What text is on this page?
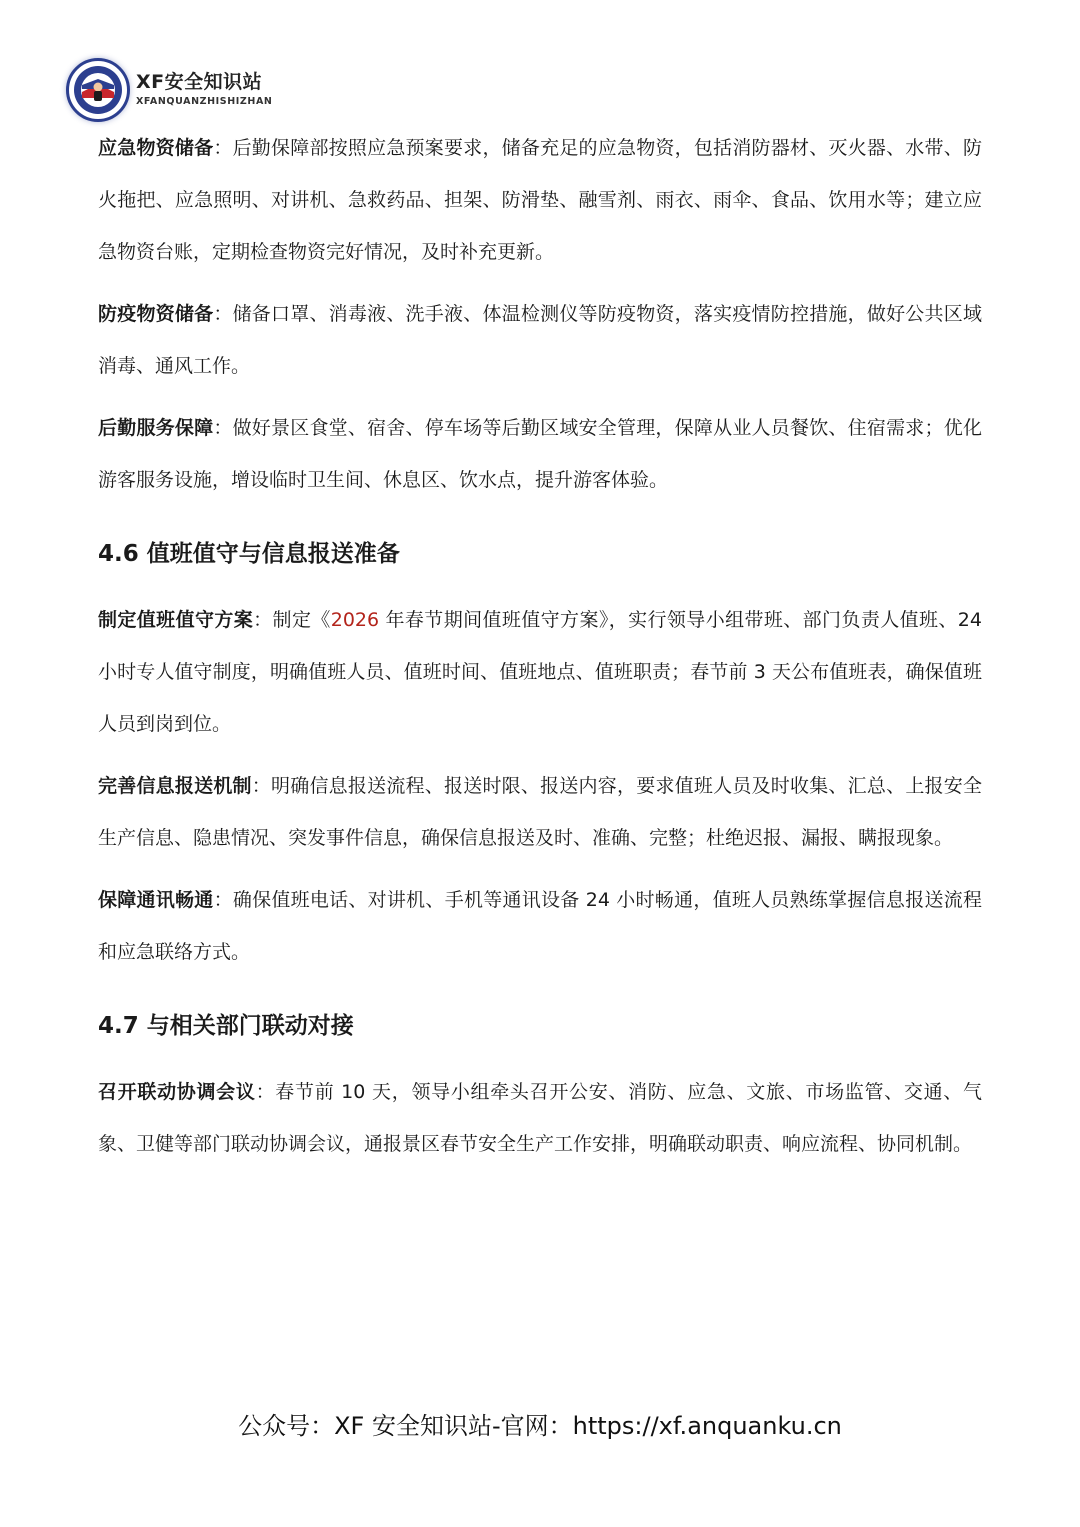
XF安全知识站
XFANQUANZHISHIZHAN

应急物资储备：后勤保障部按照应急预案要求，储备充足的应急物资，包括消防器材、灭火器、水带、防火拖把、应急照明、对讲机、急救药品、担架、防滑垫、融雪剂、雨衣、雨伞、食品、饮用水等；建立应急物资台账，定期检查物资完好情况，及时补充更新。

防疫物资储备：储备口罩、消毒液、洗手液、体温检测仪等防疫物资，落实疫情防控措施，做好公共区域消毒、通风工作。

后勤服务保障：做好景区食堂、宿舍、停车场等后勤区域安全管理，保障从业人员餐饮、住宿需求；优化游客服务设施，增设临时卫生间、休息区、饮水点，提升游客体验。

4.6 值班值守与信息报送准备

制定值班值守方案：制定《2026 年春节期间值班值守方案》，实行领导小组带班、部门负责人值班、24 小时专人值守制度，明确值班人员、值班时间、值班地点、值班职责；春节前 3 天公布值班表，确保值班人员到岗到位。

完善信息报送机制：明确信息报送流程、报送时限、报送内容，要求值班人员及时收集、汇总、上报安全生产信息、隐患情况、突发事件信息，确保信息报送及时、准确、完整；杜绝迟报、漏报、瞒报现象。

保障通讯畅通：确保值班电话、对讲机、手机等通讯设备 24 小时畅通，值班人员熟练掌握信息报送流程和应急联络方式。

4.7 与相关部门联动对接

召开联动协调会议：春节前 10 天，领导小组牵头召开公安、消防、应急、文旅、市场监管、交通、气象、卫健等部门联动协调会议，通报景区春节安全生产工作安排，明确联动职责、响应流程、协同机制。

公众号：XF 安全知识站-官网：https://xf.anquanku.cn
